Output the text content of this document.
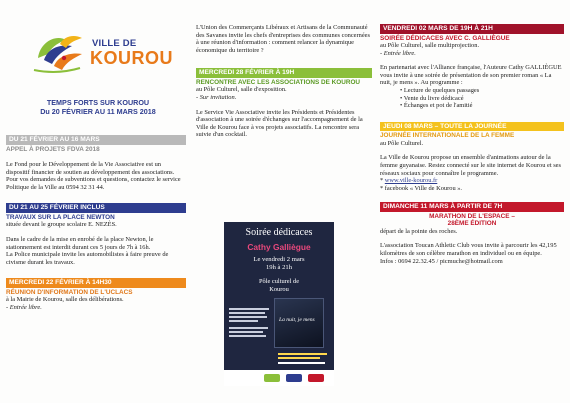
VILLE DE
KOUROU
TEMPS FORTS SUR KOUROU
Du 20 FÉVRIER AU 11 MARS 2018
DU 21 FÉVRIER AU 16 MARS
APPEL À PROJETS FDVA 2018
Le Fond pour le Développement de la Vie Associative est un dispositif financier de soutien au développement des associations.
Pour vos demandes de subventions et questions, contactez le service Politique de la Ville au 0594 32 31 44.
DU 21 AU 25 FÉVRIER INCLUS
TRAVAUX SUR LA PLACE NEWTON
située devant le groupe scolaire E. NEZÈS.
Dans le cadre de la mise en enrobé de la place Newton, le stationnement est interdit durant ces 5 jours de 7h à 16h.
La Police municipale invite les automobilistes à faire preuve de civisme durant les travaux.
MERCREDI 22 FÉVRIER À 14H30
RÉUNION D'INFORMATION DE L'UCLACS
à la Mairie de Kourou, salle des délibérations.
- Entrée libre.
L'Union des Commerçants Libéraux et Artisans de la Communauté des Savanes invite les chefs d'entreprises des communes concernées à une réunion d'information : comment relancer la dynamique économique du territoire ?
MERCREDI 28 FÉVRIER À 19H
RENCONTRE AVEC LES ASSOCIATIONS DE KOUROU
au Pôle Culturel, salle d'exposition.
- Sur invitation.
Le Service Vie Associative invite les Présidents et Présidentes d'association à une soirée d'échanges sur l'accompagnement de la Ville de Kourou face à vos projets associatifs. La rencontre sera suivie d'un cocktail.
Soirée dédicaces
Cathy Galliègue
Le vendredi 2 mars
19h à 21h
Pôle culturel de
Kourou
La nuit, je mens
VENDREDI 02 MARS DE 19H À 21H
SOIRÉE DÉDICACES AVEC C. GALLIÈGUE
au Pôle Culturel, salle multiprojection.
- Entrée libre.
En partenariat avec l'Alliance française, l'Auteure Cathy GALLIÈGUE vous invite à une soirée de présentation de son premier roman « La nuit, je mens ». Au programme :
• Lecture de quelques passages
• Vente du livre dédicacé
• Échanges et pot de l'amitié
JEUDI 08 MARS – TOUTE LA JOURNÉE
JOURNÉE INTERNATIONALE DE LA FEMME
au Pôle Culturel.
La Ville de Kourou propose un ensemble d'animations autour de la femme guyanaise. Restez connecté sur le site internet de Kourou et ses réseaux sociaux pour connaître le programme.
* www.ville-kourou.fr
* facebook « Ville de Kourou ».
DIMANCHE 11 MARS À PARTIR DE 7H
MARATHON DE L'ESPACE –
28ÈME ÉDITION
départ de la pointe des roches.
L'association Toucan Athletic Club vous invite à parcourir les 42,195 kilomètres de son célèbre marathon en individuel ou en équipe.
Infos : 0694 22.32.45 / picmuche@hotmail.com
